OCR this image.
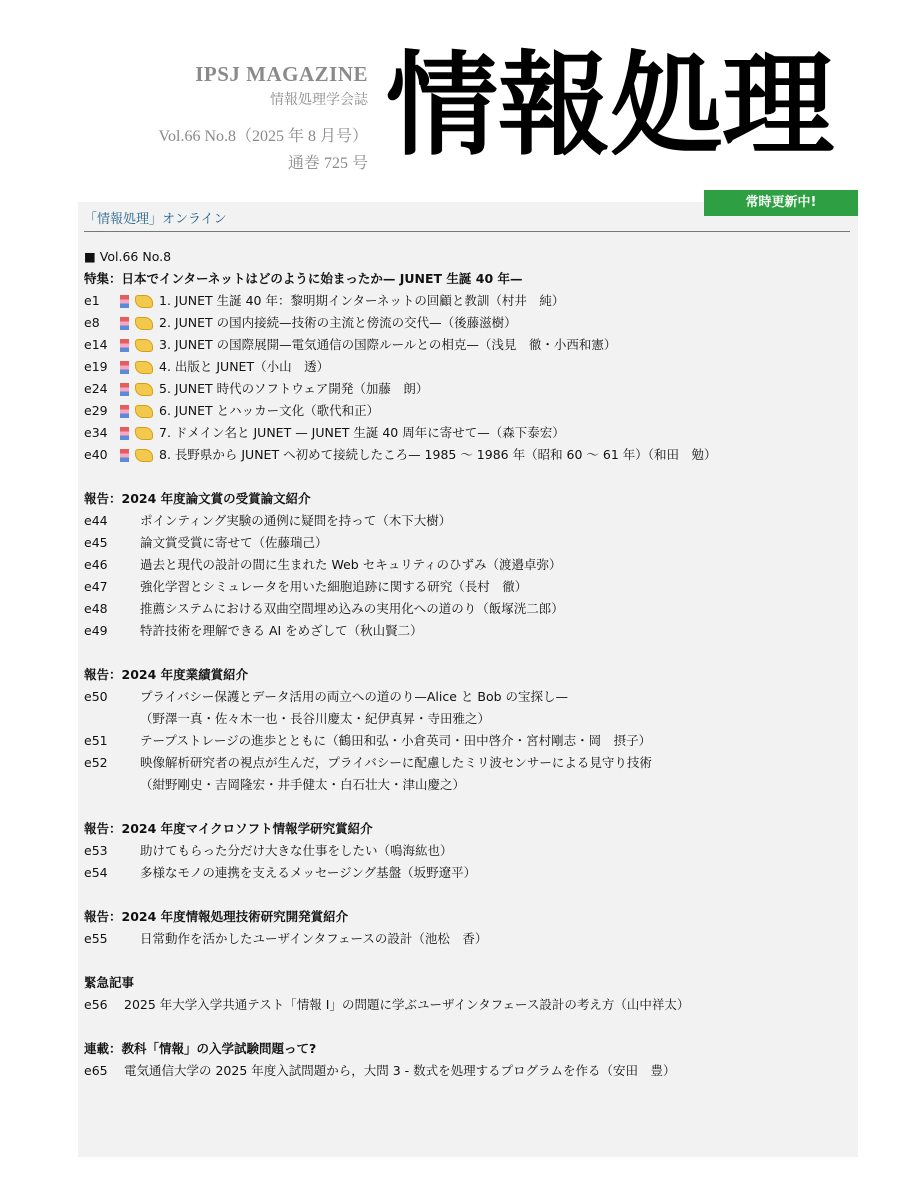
IPSJ MAGAZINE
情報処理学会誌
Vol.66 No.8（2025 年 8 月号）
通巻 725 号 情報処理
常時更新中!
「情報処理」オンライン
■ Vol.66 No.8
特集：日本でインターネットはどのように始まったか— JUNET 生誕 40 年—
e1	1. JUNET 生誕 40 年：黎明期インターネットの回顧と教訓（村井　純）
e8	2. JUNET の国内接続—技術の主流と傍流の交代—（後藤滋樹）
e14	3. JUNET の国際展開—電気通信の国際ルールとの相克—（浅見　徹・小西和憲）
e19	4. 出版と JUNET（小山　透）
e24	5. JUNET 時代のソフトウェア開発（加藤　朗）
e29	6. JUNET とハッカー文化（歌代和正）
e34	7. ドメイン名と JUNET — JUNET 生誕 40 周年に寄せて—（森下泰宏）
e40	8. 長野県から JUNET へ初めて接続したころ— 1985 ～ 1986 年（昭和 60 ～ 61 年）（和田　勉）
報告：2024 年度論文賞の受賞論文紹介
e44	ポインティング実験の通例に疑問を持って（木下大樹）
e45	論文賞受賞に寄せて（佐藤瑞己）
e46	過去と現代の設計の間に生まれた Web セキュリティのひずみ（渡邉卓弥）
e47	強化学習とシミュレータを用いた細胞追跡に関する研究（長村　徹）
e48	推薦システムにおける双曲空間埋め込みの実用化への道のり（飯塚洸二郎）
e49	特許技術を理解できる AI をめざして（秋山賢二）
報告：2024 年度業績賞紹介
e50	プライバシー保護とデータ活用の両立への道のり—Alice と Bob の宝探し—
（野澤一真・佐々木一也・長谷川慶太・紀伊真昇・寺田雅之）
e51	テープストレージの進歩とともに（鶴田和弘・小倉英司・田中啓介・宮村剛志・岡　摂子）
e52	映像解析研究者の視点が生んだ，プライバシーに配慮したミリ波センサーによる見守り技術
（紺野剛史・吉岡隆宏・井手健太・白石壮大・津山慶之）
報告：2024 年度マイクロソフト情報学研究賞紹介
e53	助けてもらった分だけ大きな仕事をしたい（鳴海紘也）
e54	多様なモノの連携を支えるメッセージング基盤（坂野遼平）
報告：2024 年度情報処理技術研究開発賞紹介
e55	日常動作を活かしたユーザインタフェースの設計（池松　香）
緊急記事
e56 2025 年大学入学共通テスト「情報 I」の問題に学ぶユーザインタフェース設計の考え方（山中祥太）
連載：教科「情報」の入学試験問題って?
e65 電気通信大学の 2025 年度入試問題から，大問 3 - 数式を処理するプログラムを作る（安田　豊）
